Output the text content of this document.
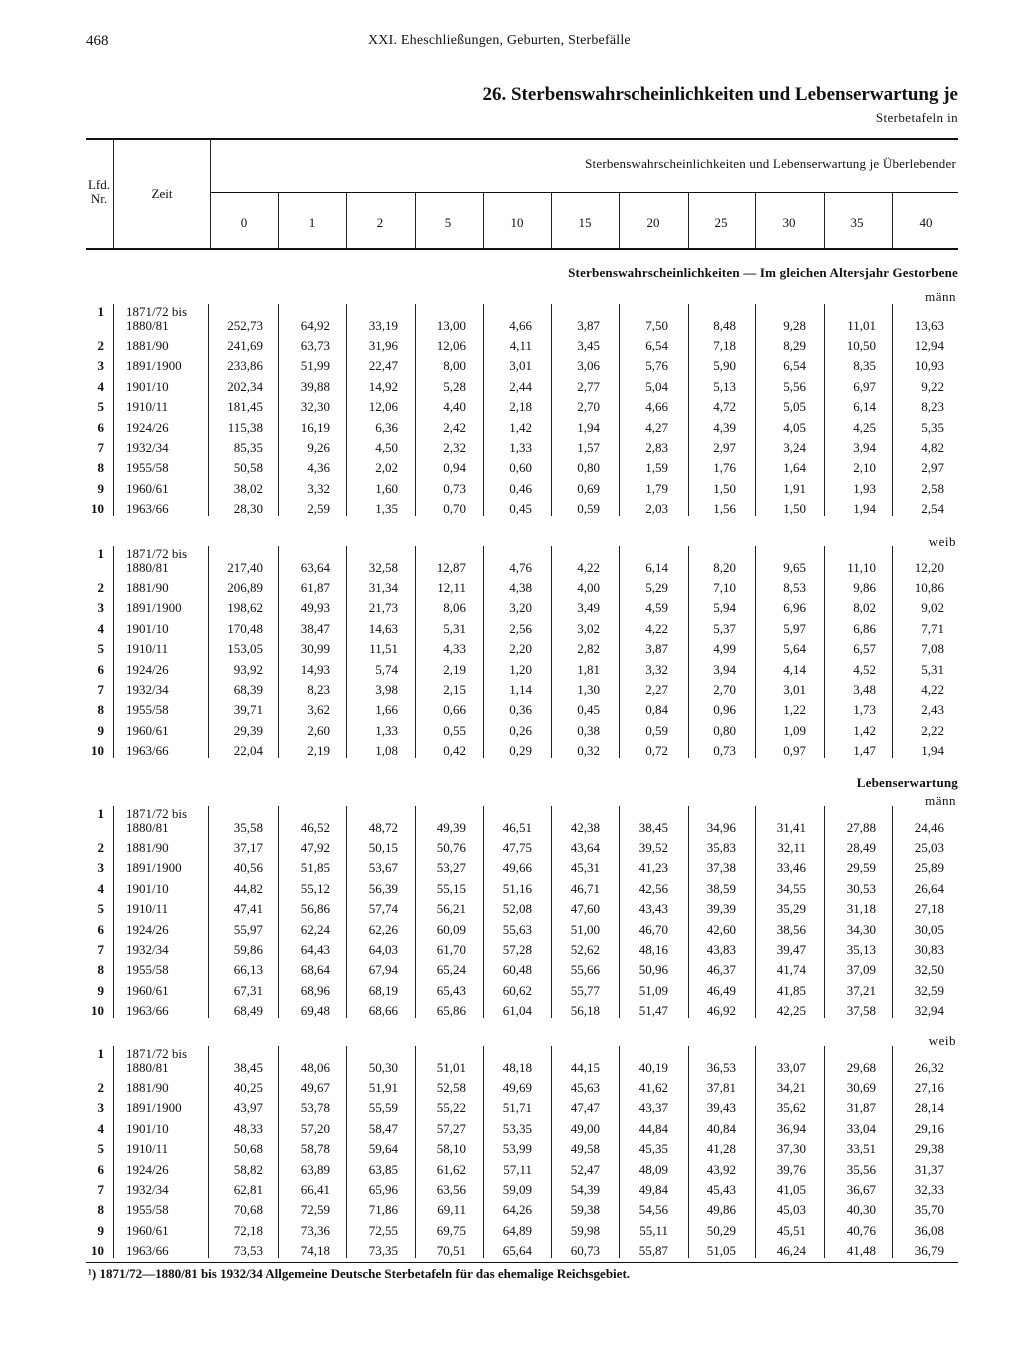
468	XXI. Eheschließungen, Geburten, Sterbefälle
26. Sterbenswahrscheinlichkeiten und Lebenserwartung je
Sterbetafeln in
Lfd.
Nr.	Zeit
Sterbenswahrscheinlichkeiten und Lebenserwartung je Überlebender
0	1	2	5	10	15	20	25	30	35	40
Sterbenswahrscheinlichkeiten — Im gleichen Altersjahr Gestorbene
männ
weib
Lebenserwartung
männ
weib
1 1871/72 bis
1880/81	252,73	64,92	33,19	13,00	4,66	3,87	7,50	8,48	9,28	11,01	13,63
2 1881/90	241,69	63,73	31,96	12,06	4,11	3,45	6,54	7,18	8,29	10,50	12,94
3 1891/1900	233,86	51,99	22,47	8,00	3,01	3,06	5,76	5,90	6,54	8,35	10,93
4 1901/10	202,34	39,88	14,92	5,28	2,44	2,77	5,04	5,13	5,56	6,97	9,22
5 1910/11	181,45	32,30	12,06	4,40	2,18	2,70	4,66	4,72	5,05	6,14	8,23
6 1924/26	115,38	16,19	6,36	2,42	1,42	1,94	4,27	4,39	4,05	4,25	5,35
7 1932/34	85,35	9,26	4,50	2,32	1,33	1,57	2,83	2,97	3,24	3,94	4,82
8 1955/58	50,58	4,36	2,02	0,94	0,60	0,80	1,59	1,76	1,64	2,10	2,97
9 1960/61	38,02	3,32	1,60	0,73	0,46	0,69	1,79	1,50	1,91	1,93	2,58
10 1963/66	28,30	2,59	1,35	0,70	0,45	0,59	2,03	1,56	1,50	1,94	2,54
1 1871/72 bis
1880/81	217,40	63,64	32,58	12,87	4,76	4,22	6,14	8,20	9,65	11,10	12,20
2 1881/90	206,89	61,87	31,34	12,11	4,38	4,00	5,29	7,10	8,53	9,86	10,86
3 1891/1900	198,62	49,93	21,73	8,06	3,20	3,49	4,59	5,94	6,96	8,02	9,02
4 1901/10	170,48	38,47	14,63	5,31	2,56	3,02	4,22	5,37	5,97	6,86	7,71
5 1910/11	153,05	30,99	11,51	4,33	2,20	2,82	3,87	4,99	5,64	6,57	7,08
6 1924/26	93,92	14,93	5,74	2,19	1,20	1,81	3,32	3,94	4,14	4,52	5,31
7 1932/34	68,39	8,23	3,98	2,15	1,14	1,30	2,27	2,70	3,01	3,48	4,22
8 1955/58	39,71	3,62	1,66	0,66	0,36	0,45	0,84	0,96	1,22	1,73	2,43
9 1960/61	29,39	2,60	1,33	0,55	0,26	0,38	0,59	0,80	1,09	1,42	2,22
10 1963/66	22,04	2,19	1,08	0,42	0,29	0,32	0,72	0,73	0,97	1,47	1,94
1 1871/72 bis
1880/81	35,58	46,52	48,72	49,39	46,51	42,38	38,45	34,96	31,41	27,88	24,46
2 1881/90	37,17	47,92	50,15	50,76	47,75	43,64	39,52	35,83	32,11	28,49	25,03
3 1891/1900	40,56	51,85	53,67	53,27	49,66	45,31	41,23	37,38	33,46	29,59	25,89
4 1901/10	44,82	55,12	56,39	55,15	51,16	46,71	42,56	38,59	34,55	30,53	26,64
5 1910/11	47,41	56,86	57,74	56,21	52,08	47,60	43,43	39,39	35,29	31,18	27,18
6 1924/26	55,97	62,24	62,26	60,09	55,63	51,00	46,70	42,60	38,56	34,30	30,05
7 1932/34	59,86	64,43	64,03	61,70	57,28	52,62	48,16	43,83	39,47	35,13	30,83
8 1955/58	66,13	68,64	67,94	65,24	60,48	55,66	50,96	46,37	41,74	37,09	32,50
9 1960/61	67,31	68,96	68,19	65,43	60,62	55,77	51,09	46,49	41,85	37,21	32,59
10 1963/66	68,49	69,48	68,66	65,86	61,04	56,18	51,47	46,92	42,25	37,58	32,94
1 1871/72 bis
1880/81	38,45	48,06	50,30	51,01	48,18	44,15	40,19	36,53	33,07	29,68	26,32
2 1881/90	40,25	49,67	51,91	52,58	49,69	45,63	41,62	37,81	34,21	30,69	27,16
3 1891/1900	43,97	53,78	55,59	55,22	51,71	47,47	43,37	39,43	35,62	31,87	28,14
4 1901/10	48,33	57,20	58,47	57,27	53,35	49,00	44,84	40,84	36,94	33,04	29,16
5 1910/11	50,68	58,78	59,64	58,10	53,99	49,58	45,35	41,28	37,30	33,51	29,38
6 1924/26	58,82	63,89	63,85	61,62	57,11	52,47	48,09	43,92	39,76	35,56	31,37
7 1932/34	62,81	66,41	65,96	63,56	59,09	54,39	49,84	45,43	41,05	36,67	32,33
8 1955/58	70,68	72,59	71,86	69,11	64,26	59,38	54,56	49,86	45,03	40,30	35,70
9 1960/61	72,18	73,36	72,55	69,75	64,89	59,98	55,11	50,29	45,51	40,76	36,08
10 1963/66	73,53	74,18	73,35	70,51	65,64	60,73	55,87	51,05	46,24	41,48	36,79
¹) 1871/72—1880/81 bis 1932/34 Allgemeine Deutsche Sterbetafeln für das ehemalige Reichsgebiet.
